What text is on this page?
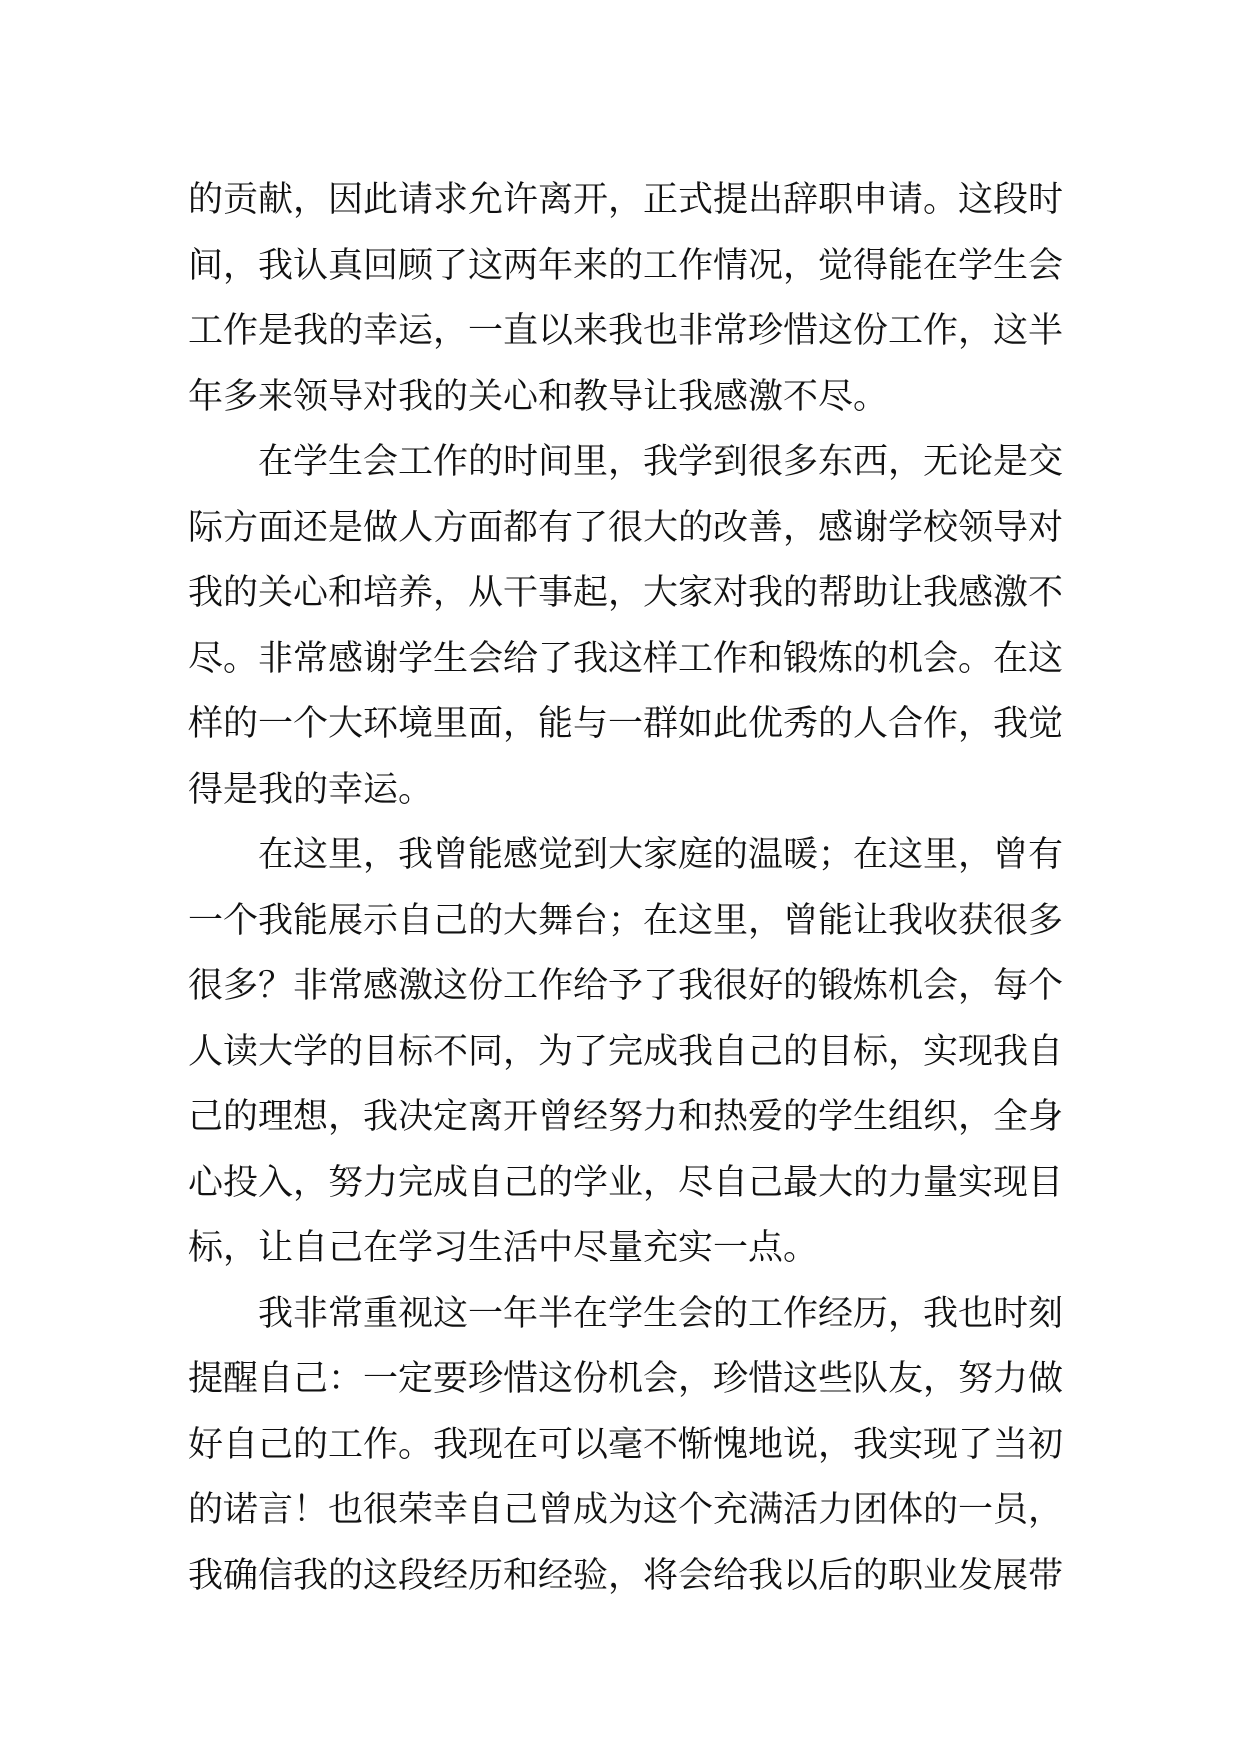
的贡献，因此请求允许离开，正式提出辞职申请。这段时
间，我认真回顾了这两年来的工作情况，觉得能在学生会
工作是我的幸运，一直以来我也非常珍惜这份工作，这半
年多来领导对我的关心和教导让我感激不尽。
在学生会工作的时间里，我学到很多东西，无论是交
际方面还是做人方面都有了很大的改善，感谢学校领导对
我的关心和培养，从干事起，大家对我的帮助让我感激不
尽。非常感谢学生会给了我这样工作和锻炼的机会。在这
样的一个大环境里面，能与一群如此优秀的人合作，我觉
得是我的幸运。
在这里，我曾能感觉到大家庭的温暖；在这里，曾有
一个我能展示自己的大舞台；在这里，曾能让我收获很多
很多？非常感激这份工作给予了我很好的锻炼机会，每个
人读大学的目标不同，为了完成我自己的目标，实现我自
己的理想，我决定离开曾经努力和热爱的学生组织，全身
心投入，努力完成自己的学业，尽自己最大的力量实现目
标，让自己在学习生活中尽量充实一点。
我非常重视这一年半在学生会的工作经历，我也时刻
提醒自己：一定要珍惜这份机会，珍惜这些队友，努力做
好自己的工作。我现在可以毫不惭愧地说，我实现了当初
的诺言！也很荣幸自己曾成为这个充满活力团体的一员，
我确信我的这段经历和经验，将会给我以后的职业发展带
